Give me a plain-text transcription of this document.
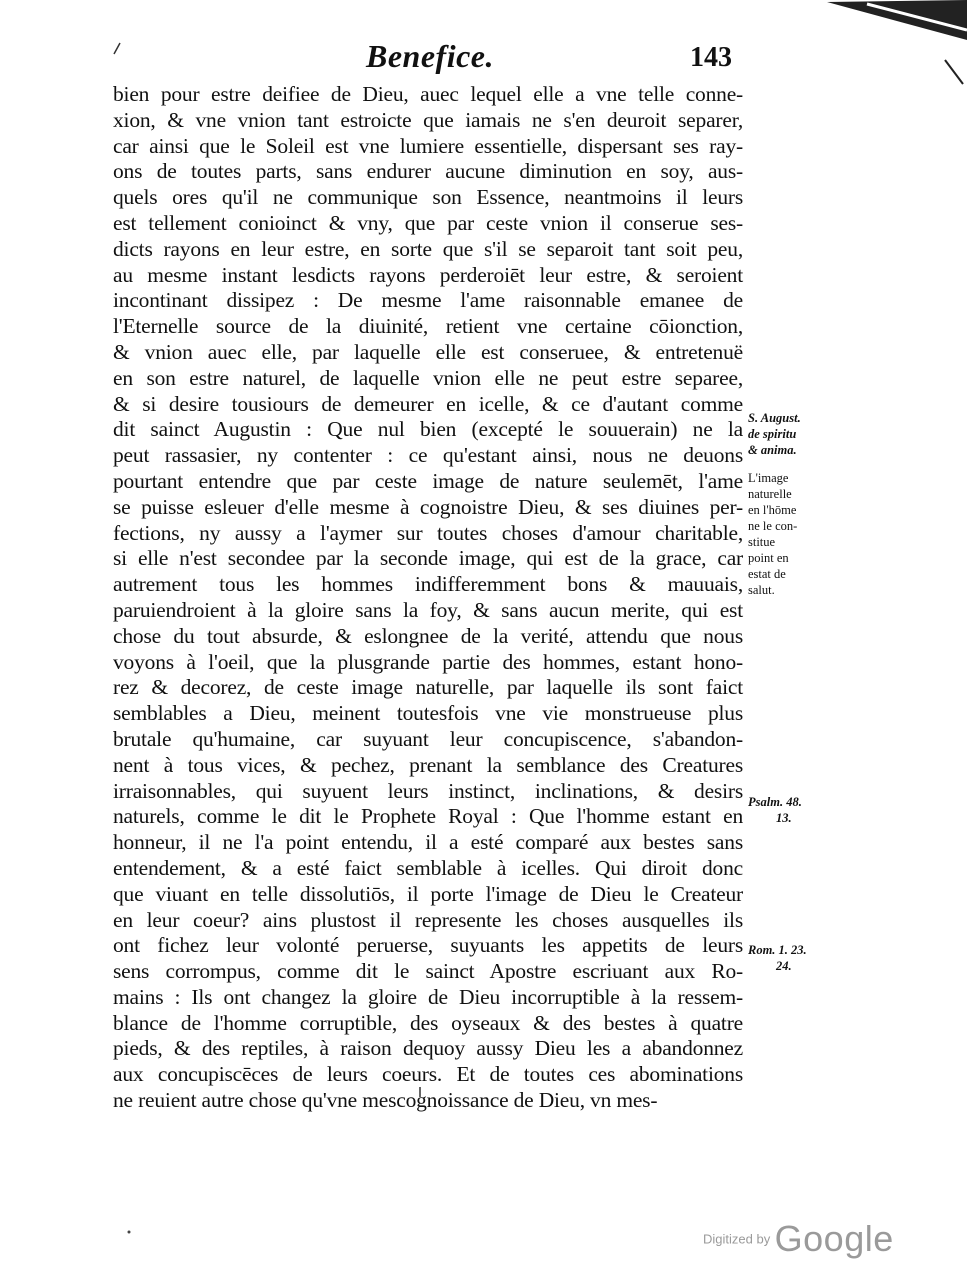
Benefice.	143
bien pour estre deifiee de Dieu, auec lequel elle a vne telle conne-
xion, & vne vnion tant estroicte que iamais ne s'en deuroit separer,
car ainsi que le Soleil est vne lumiere essentielle, dispersant ses ray-
ons de toutes parts, sans endurer aucune diminution en soy, aus-
quels ores qu'il ne communique son Essence, neantmoins il leurs
est tellement conioinct & vny, que par ceste vnion il conserue ses-
dicts rayons en leur estre, en sorte que s'il se separoit tant soit peu,
au mesme instant lesdicts rayons perderoiēt leur estre, & seroient
incontinant dissipez : De mesme l'ame raisonnable emanee de
l'Eternelle source de la diuinité, retient vne certaine cōionction,
& vnion auec elle, par laquelle elle est conseruee, & entretenuë
en son estre naturel, de laquelle vnion elle ne peut estre separee,
& si desire tousiours de demeurer en icelle, & ce d'autant comme
dit sainct Augustin : Que nul bien (excepté le souuerain) ne la
peut rassasier, ny contenter : ce qu'estant ainsi, nous ne deuons
pourtant entendre que par ceste image de nature seulemēt, l'ame
se puisse esleuer d'elle mesme à cognoistre Dieu, & ses diuines per-
fections, ny aussy a l'aymer sur toutes choses d'amour charitable,
si elle n'est secondee par la seconde image, qui est de la grace, car
autrement tous les hommes indifferemment bons & mauuais,
paruiendroient à la gloire sans la foy, & sans aucun merite, qui est
chose du tout absurde, & eslongnee de la verité, attendu que nous
voyons à l'oeil, que la plusgrande partie des hommes, estant hono-
rez & decorez, de ceste image naturelle, par laquelle ils sont faict
semblables a Dieu, meinent toutesfois vne vie monstrueuse plus
brutale qu'humaine, car suyuant leur concupiscence, s'abandon-
nent à tous vices, & pechez, prenant la semblance des Creatures
irraisonnables, qui suyuent leurs instinct, inclinations, & desirs
naturels, comme le dit le Prophete Royal : Que l'homme estant en
honneur, il ne l'a point entendu, il a esté comparé aux bestes sans
entendement, & a esté faict semblable à icelles. Qui diroit donc
que viuant en telle dissolutiōs, il porte l'image de Dieu le Createur
en leur coeur? ains plustost il represente les choses ausquelles ils
ont fichez leur volonté peruerse, suyuants les appetits de leurs
sens corrompus, comme dit le sainct Apostre escriuant aux Ro-
mains : Ils ont changez la gloire de Dieu incorruptible à la ressem-
blance de l'homme corruptible, des oyseaux & des bestes à quatre
pieds, & des reptiles, à raison dequoy aussy Dieu les a abandonnez
aux concupiscēces de leurs coeurs. Et de toutes ces abominations
ne reuient autre chose qu'vne mescognoissance de Dieu, vn mes-
S. August.
de spiritu
& anima.
L'image
naturelle
en l'hōme
ne le con-
stitue
point en
estat de
salut.
Psalm. 48.
13.
Rom. 1. 23.
24.
Digitized by Google
